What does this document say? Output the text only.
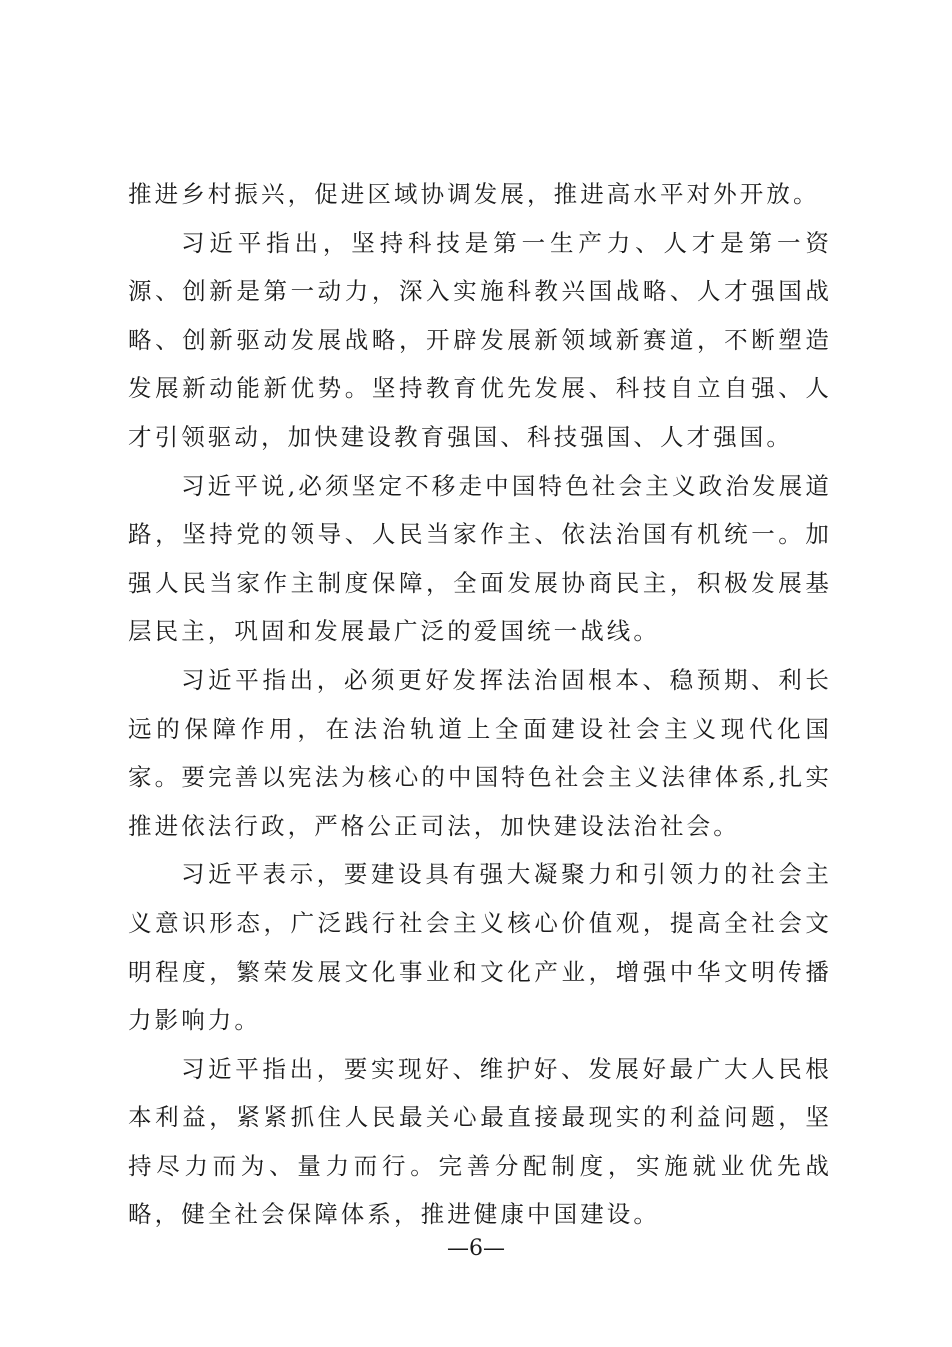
推进乡村振兴，促进区域协调发展，推进高水平对外开放。

习近平指出，坚持科技是第一生产力、人才是第一资源、创新是第一动力，深入实施科教兴国战略、人才强国战略、创新驱动发展战略，开辟发展新领域新赛道，不断塑造发展新动能新优势。坚持教育优先发展、科技自立自强、人才引领驱动，加快建设教育强国、科技强国、人才强国。

习近平说,必须坚定不移走中国特色社会主义政治发展道路，坚持党的领导、人民当家作主、依法治国有机统一。加强人民当家作主制度保障，全面发展协商民主，积极发展基层民主，巩固和发展最广泛的爱国统一战线。

习近平指出，必须更好发挥法治固根本、稳预期、利长远的保障作用，在法治轨道上全面建设社会主义现代化国家。要完善以宪法为核心的中国特色社会主义法律体系,扎实推进依法行政，严格公正司法，加快建设法治社会。

习近平表示，要建设具有强大凝聚力和引领力的社会主义意识形态，广泛践行社会主义核心价值观，提高全社会文明程度，繁荣发展文化事业和文化产业，增强中华文明传播力影响力。

习近平指出，要实现好、维护好、发展好最广大人民根本利益，紧紧抓住人民最关心最直接最现实的利益问题，坚持尽力而为、量力而行。完善分配制度，实施就业优先战略，健全社会保障体系，推进健康中国建设。

—6—
